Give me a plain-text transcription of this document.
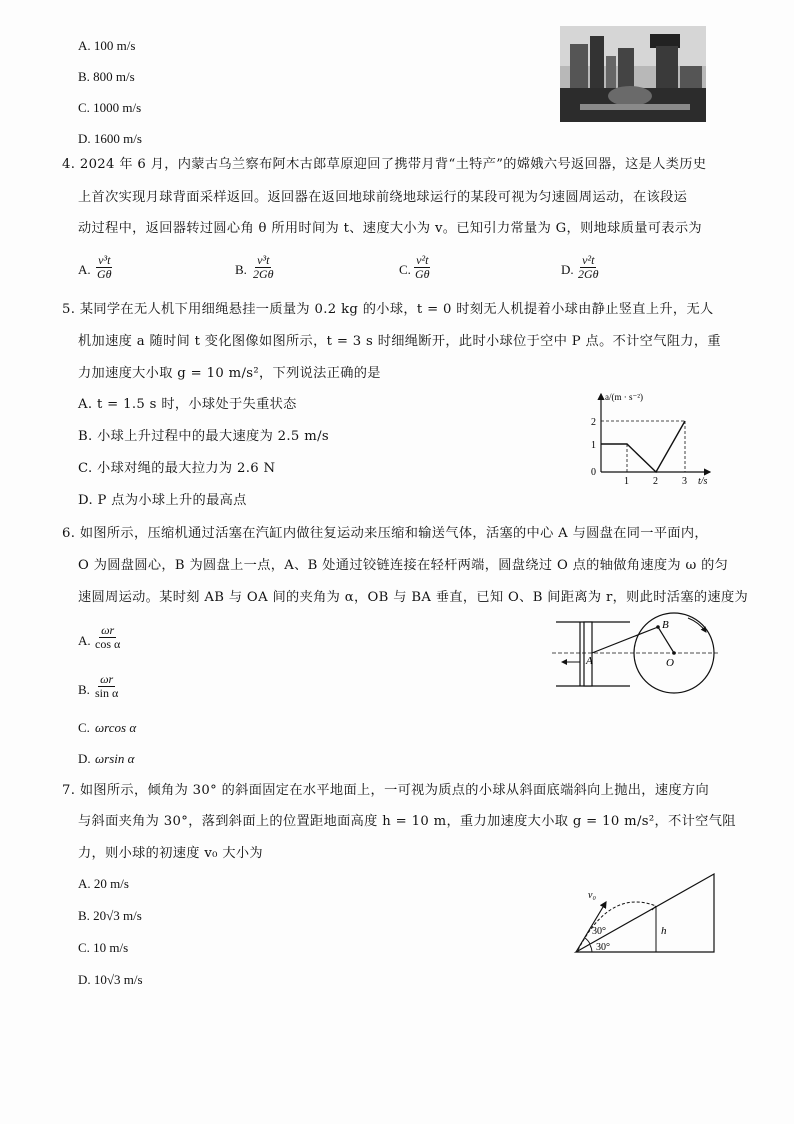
A. 100 m/s
B. 800 m/s
C. 1000 m/s
D. 1600 m/s
4. 2024 年 6 月，内蒙古乌兰察布阿木古郎草原迎回了携带月背“土特产”的嫦娥六号返回器，这是人类历史
上首次实现月球背面采样返回。返回器在返回地球前绕地球运行的某段可视为匀速圆周运动，在该段运
动过程中，返回器转过圆心角 θ 所用时间为 t、速度大小为 v。已知引力常量为 G，则地球质量可表示为
A. $\frac{\text{v³t}}{G\theta}$	B. $\frac{\text{v³t}}{2G\theta}$	C. $\frac{\text{v²t}}{G\theta}$	D. $\frac{\text{v²t}}{2G\theta}$
5. 某同学在无人机下用细绳悬挂一质量为 0.2 kg 的小球，t = 0 时刻无人机提着小球由静止竖直上升，无人
机加速度 a 随时间 t 变化图像如图所示，t = 3 s 时细绳断开，此时小球位于空中 P 点。不计空气阻力，重
力加速度大小取 g = 10 m/s²，下列说法正确的是
A. t = 1.5 s 时，小球处于失重状态
B. 小球上升过程中的最大速度为 2.5 m/s
C. 小球对绳的最大拉力为 2.6 N
D. P 点为小球上升的最高点
a/(m · s⁻²)
t/s
2
1
0
1 2 3
6. 如图所示，压缩机通过活塞在汽缸内做往复运动来压缩和输送气体，活塞的中心 A 与圆盘在同一平面内，
O 为圆盘圆心，B 为圆盘上一点，A、B 处通过铰链连接在轻杆两端，圆盘绕过 O 点的轴做角速度为 ω 的匀
速圆周运动。某时刻 AB 与 OA 间的夹角为 α，OB 与 BA 垂直，已知 O、B 间距离为 r，则此时活塞的速度为
A. $\frac{\omega r}{\text{cos α}}$
B. $\frac{\omega r}{\text{sin α}}$
C. ωrcos α
D. ωrsin α
A
B
O
7. 如图所示，倾角为 30° 的斜面固定在水平地面上，一可视为质点的小球从斜面底端斜向上抛出，速度方向
与斜面夹角为 30°，落到斜面上的位置距地面高度 h = 10 m，重力加速度大小取 g = 10 m/s²，不计空气阻
力，则小球的初速度 v₀ 大小为
A. 20 m/s
B. 20√3 m/s
C. 10 m/s
D. 10√3 m/s
v₀
30°
30°
h
